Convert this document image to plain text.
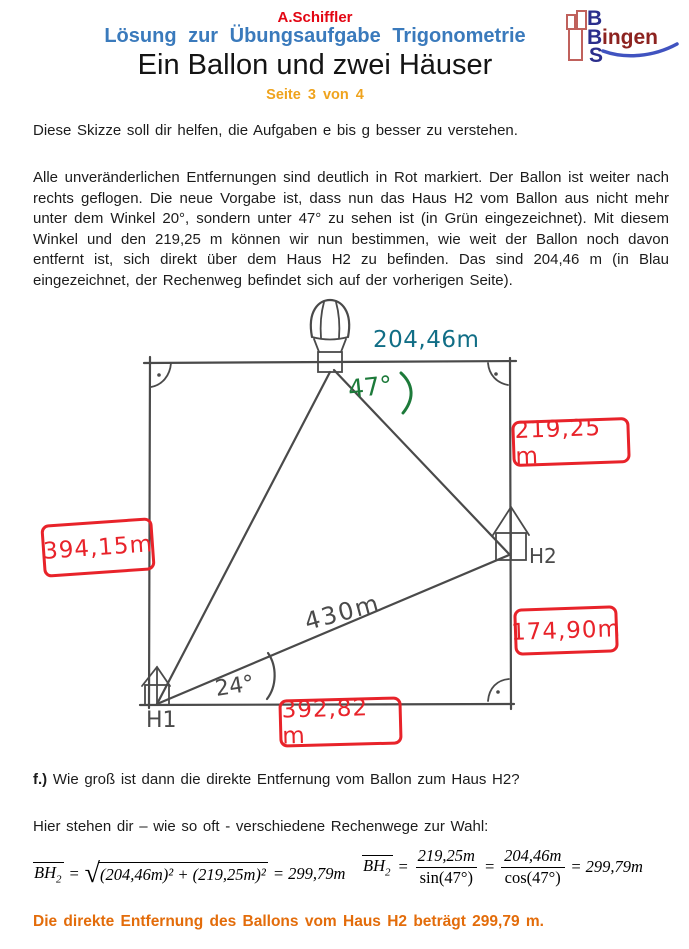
A.Schiffler
Lösung zur Übungsaufgabe Trigonometrie
Ein Ballon und zwei Häuser
Seite 3 von 4
B
B
S
ingen
Diese Skizze soll dir helfen, die Aufgaben e bis g besser zu verstehen.
Alle unveränderlichen Entfernungen sind deutlich in Rot markiert. Der Ballon ist weiter nach rechts geflogen. Die neue Vorgabe ist, dass nun das Haus H2 vom Ballon aus nicht mehr unter dem Winkel 20°, sondern unter 47° zu sehen ist (in Grün eingezeichnet). Mit diesem Winkel und den 219,25 m können wir nun bestimmen, wie weit der Ballon noch davon entfernt ist, sich direkt über dem Haus H2 zu befinden. Das sind 204,46 m (in Blau eingezeichnet, der Rechenweg befindet sich auf der vorherigen Seite).
47°
204,46m
430m
24°
H2
H1
219,25 m
394,15m
174,90m
392,82 m
f.) Wie groß ist dann die direkte Entfernung vom Ballon zum Haus H2?
Hier stehen dir – wie so oft - verschiedene Rechenwege zur Wahl:
$BH_2$ = √ (204,46m)² + (219,25m)² = 299,79m $BH_2 = \frac{219,25m}{\sin(47^\circ)} = \frac{204,46m}{\cos(47^\circ)} = 299,79m$
Die direkte Entfernung des Ballons vom Haus H2 beträgt 299,79 m.
